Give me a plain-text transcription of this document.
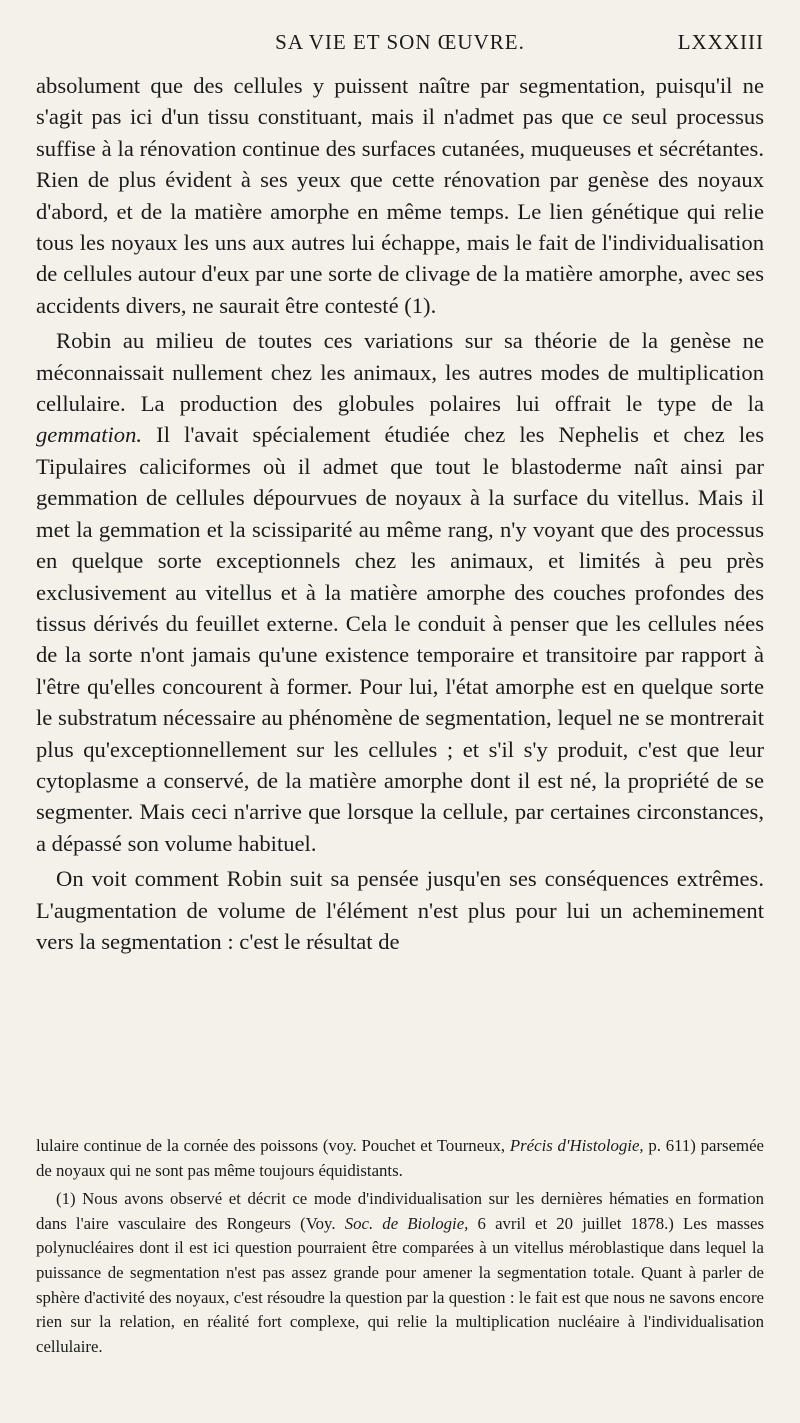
SA VIE ET SON ŒUVRE.	LXXXIII

absolument que des cellules y puissent naître par segmentation, puisqu'il ne s'agit pas ici d'un tissu constituant, mais il n'admet pas que ce seul processus suffise à la rénovation continue des surfaces cutanées, muqueuses et sécrétantes. Rien de plus évident à ses yeux que cette rénovation par genèse des noyaux d'abord, et de la matière amorphe en même temps. Le lien génétique qui relie tous les noyaux les uns aux autres lui échappe, mais le fait de l'individualisation de cellules autour d'eux par une sorte de clivage de la matière amorphe, avec ses accidents divers, ne saurait être contesté (1).

Robin au milieu de toutes ces variations sur sa théorie de la genèse ne méconnaissait nullement chez les animaux, les autres modes de multiplication cellulaire. La production des globules polaires lui offrait le type de la gemmation. Il l'avait spécialement étudiée chez les Nephelis et chez les Tipulaires caliciformes où il admet que tout le blastoderme naît ainsi par gemmation de cellules dépourvues de noyaux à la surface du vitellus. Mais il met la gemmation et la scissiparité au même rang, n'y voyant que des processus en quelque sorte exceptionnels chez les animaux, et limités à peu près exclusivement au vitellus et à la matière amorphe des couches profondes des tissus dérivés du feuillet externe. Cela le conduit à penser que les cellules nées de la sorte n'ont jamais qu'une existence temporaire et transitoire par rapport à l'être qu'elles concourent à former. Pour lui, l'état amorphe est en quelque sorte le substratum nécessaire au phénomène de segmentation, lequel ne se montrerait plus qu'exceptionnellement sur les cellules ; et s'il s'y produit, c'est que leur cytoplasme a conservé, de la matière amorphe dont il est né, la propriété de se segmenter. Mais ceci n'arrive que lorsque la cellule, par certaines circonstances, a dépassé son volume habituel.

On voit comment Robin suit sa pensée jusqu'en ses conséquences extrêmes. L'augmentation de volume de l'élément n'est plus pour lui un acheminement vers la segmentation : c'est le résultat de

lulaire continue de la cornée des poissons (voy. Pouchet et Tourneux, Précis d'Histologie, p. 611) parsemée de noyaux qui ne sont pas même toujours équidistants.

(1) Nous avons observé et décrit ce mode d'individualisation sur les dernières hématies en formation dans l'aire vasculaire des Rongeurs (Voy. Soc. de Biologie, 6 avril et 20 juillet 1878.) Les masses polynucléaires dont il est ici question pourraient être comparées à un vitellus méroblastique dans lequel la puissance de segmentation n'est pas assez grande pour amener la segmentation totale. Quant à parler de sphère d'activité des noyaux, c'est résoudre la question par la question : le fait est que nous ne savons encore rien sur la relation, en réalité fort complexe, qui relie la multiplication nucléaire à l'individualisation cellulaire.
